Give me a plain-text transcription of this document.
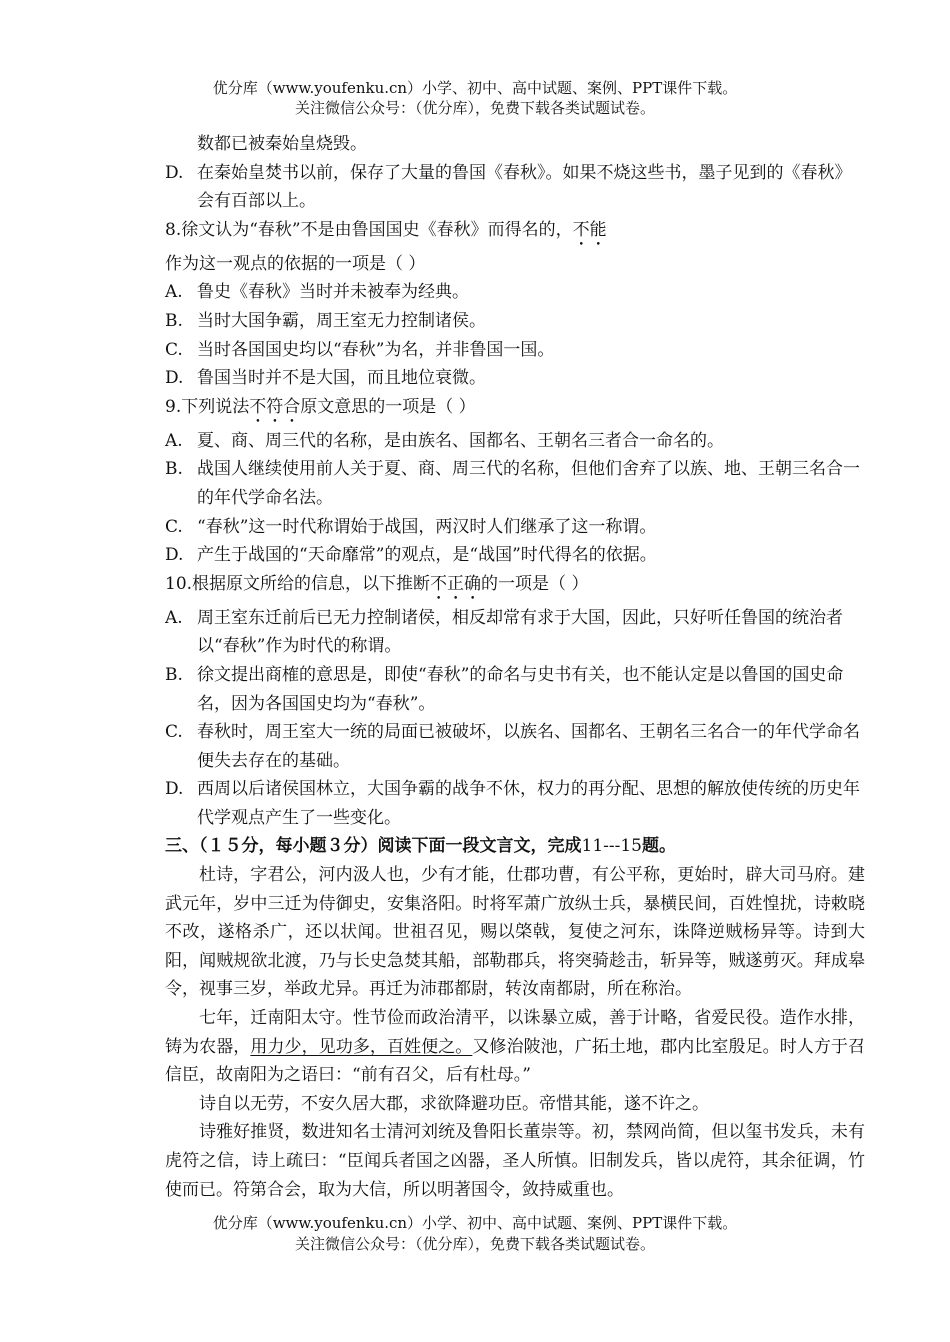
优分库（www.youfenku.cn）小学、初中、高中试题、案例、PPT课件下载。
关注微信公众号：（优分库），免费下载各类试题试卷。

数都已被秦始皇烧毁。

D. 在秦始皇焚书以前，保存了大量的鲁国《春秋》。如果不烧这些书，墨子见到的《春秋》会有百部以上。

8.徐文认为“春秋”不是由鲁国国史《春秋》而得名的，不能作为这一观点的依据的一项是（ ）

A. 鲁史《春秋》当时并未被奉为经典。

B. 当时大国争霸，周王室无力控制诸侯。

C. 当时各国国史均以“春秋”为名，并非鲁国一国。

D. 鲁国当时并不是大国，而且地位衰微。

9.下列说法不符合原文意思的一项是（ ）

A. 夏、商、周三代的名称，是由族名、国都名、王朝名三者合一命名的。

B. 战国人继续使用前人关于夏、商、周三代的名称，但他们舍弃了以族、地、王朝三名合一的年代学命名法。

C. “春秋”这一时代称谓始于战国，两汉时人们继承了这一称谓。

D. 产生于战国的“天命靡常”的观点，是“战国”时代得名的依据。

10.根据原文所给的信息，以下推断不正确的一项是（ ）

A. 周王室东迁前后已无力控制诸侯，相反却常有求于大国，因此，只好听任鲁国的统治者以“春秋”作为时代的称谓。

B. 徐文提出商榷的意思是，即使“春秋”的命名与史书有关，也不能认定是以鲁国的国史命名，因为各国国史均为“春秋”。

C. 春秋时，周王室大一统的局面已被破坏，以族名、国都名、王朝名三名合一的年代学命名便失去存在的基础。

D. 西周以后诸侯国林立，大国争霸的战争不休，权力的再分配、思想的解放使传统的历史年代学观点产生了一些变化。

三、（１５分，每小题３分）阅读下面一段文言文，完成11---15题。

杜诗，字君公，河内汲人也，少有才能，仕郡功曹，有公平称，更始时，辟大司马府。建武元年，岁中三迁为侍御史，安集洛阳。时将军萧广放纵士兵，暴横民间，百姓惶扰，诗敕晓不改，遂格杀广，还以状闻。世祖召见，赐以棨戟，复使之河东，诛降逆贼杨异等。诗到大阳，闻贼规欲北渡，乃与长史急焚其船，部勒郡兵，将突骑趁击，斩异等，贼遂剪灭。拜成皋令，视事三岁，举政尤异。再迁为沛郡都尉，转汝南都尉，所在称治。

七年，迁南阳太守。性节俭而政治清平，以诛暴立威，善于计略，省爱民役。造作水排，铸为农器，用力少，见功多，百姓便之。又修治陂池，广拓土地，郡内比室殷足。时人方于召信臣，故南阳为之语曰：“前有召父，后有杜母。”

诗自以无劳，不安久居大郡，求欲降避功臣。帝惜其能，遂不许之。

诗雅好推贤，数进知名士清河刘统及鲁阳长董崇等。初，禁网尚简，但以玺书发兵，未有虎符之信，诗上疏曰：“臣闻兵者国之凶器，圣人所慎。旧制发兵，皆以虎符，其余征调，竹使而已。符第合会，取为大信，所以明著国令，敛持威重也。

优分库（www.youfenku.cn）小学、初中、高中试题、案例、PPT课件下载。
关注微信公众号：（优分库），免费下载各类试题试卷。
